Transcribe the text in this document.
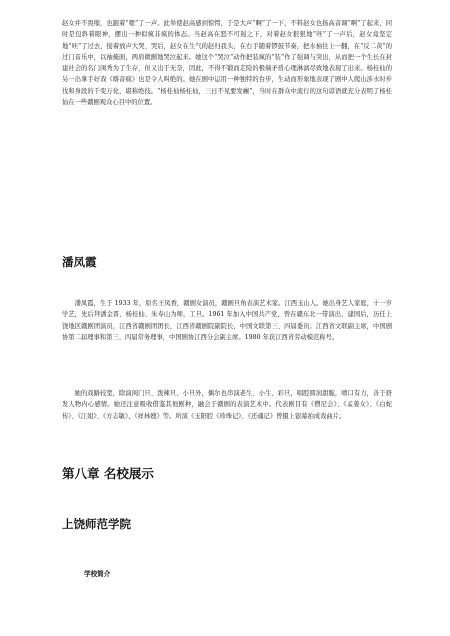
赵女并不畏缩，也跟着“嗯”了一声。此举使赵高感到惊愕，于是大声“啊”了一下，不料赵女也扬高音调“啊”了起来，同时是包斜着眼神，摆出一种似疯非疯的体态。当赵高在怒不可遏之下，对着赵女狠狠地“呸”了一声后，赵女竟坚定地“呸”了过去，接着放声大哭、哭后，赵女在生气的赵归我头，在右手随着锣鼓节奏，把水袖往上一翻，在“反二黄”的过门音乐中，以袖掩面，两肩微颤地哭泣起来。她这个“哭泣”动作把装疯的“装”作了强调与突出，从而把一个生长在封建社会的名门闺秀为了生存，但又出于无奈，因此，不得不锻而走险的极端矛盾心理淋漓尽致地表现了出来。杨桂仙的另一出拿手好戏《喀音疯》也是令人叫绝的。她在剧中运用一种独特的台步，生动而形象地表现了剧中人爬山涉水时步伐和身段的千变万化，堪称绝技。“杨桂仙杨桂仙，三日不见要发癫”，当时在群众中流行的这句谚语就充分表明了杨桂仙在一些赣剧观众心目中的位置。

潘凤霞

潘凤霞，生于 1933 年，原名王凤香，赣剧女演员，赣剧旦角表演艺术家。江西玉山人。她出身艺人家庭，十一岁学艺，先后拜潘金晋、杨桂仙、朱寿山为师，工旦。1961 年加入中国共产党，曾在赣东北一带演出，建国后，历任上饶地区赣剧团演员，江西省赣剧团团长，江西省赣剧院副院长，中国文联第三、四届委员；江西省文联副主席，中国剧协第二届理事和第三、四届常务理事，中国剧协江西分会副主席。1980 年获江西省劳动模范称号。

她的戏路较宽，除演闺门旦、泼辣旦、小旦外，偶尔也串演老生、小生、彩旦，唱腔圆润甜脆，喷口有力，善于挤发人物内心感情。她还注意吸收借鉴其他剧种，融会于赣剧的表演艺术中。代表剧目有《僧尼会》、《孟姜女》、《白蛇传》、《江姐》、《方志敏》、《祥林嫂》等。所演《玉阳腔《珍珠记》、《还魂记》曾摄上银幕拍成戏曲片。

第八章 名校展示
上饶师范学院
学校简介
